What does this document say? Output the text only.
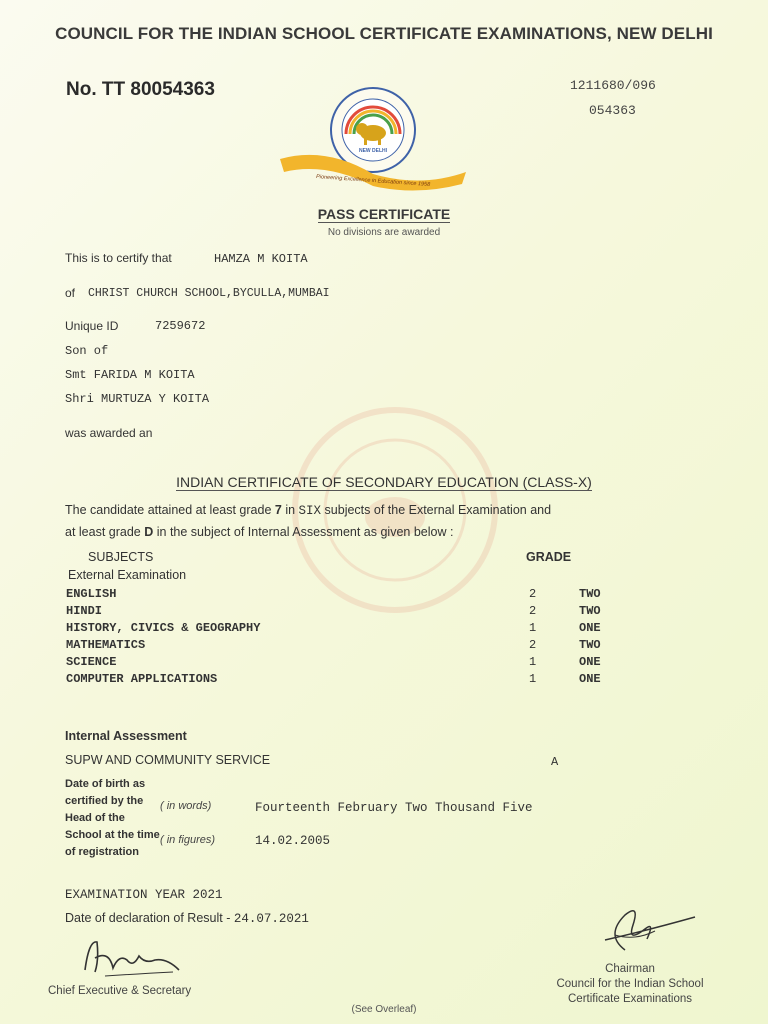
COUNCIL FOR THE INDIAN SCHOOL CERTIFICATE EXAMINATIONS, NEW DELHI
No. TT 80054363	1211680/096
054363
NEW DELHI
Pioneering Excellence in Education since 1958
PASS CERTIFICATE
No divisions are awarded
This is to certify that	HAMZA M KOITA
of CHRIST CHURCH SCHOOL,BYCULLA,MUMBAI
Unique ID	7259672
Son of
Smt FARIDA M KOITA
Shri MURTUZA Y KOITA
was awarded an
INDIAN CERTIFICATE OF SECONDARY EDUCATION (CLASS-X)
The candidate attained at least grade 7 in SIX subjects of the External Examination and
at least grade D in the subject of Internal Assessment as given below :
SUBJECTS	GRADE
External Examination
ENGLISH	2	TWO
HINDI	2	TWO
HISTORY, CIVICS & GEOGRAPHY	1	ONE
MATHEMATICS	2	TWO
SCIENCE	1	ONE
COMPUTER APPLICATIONS	1	ONE
Internal Assessment
SUPW AND COMMUNITY SERVICE	A
Date of birth as certified by the Head of the School at the time of registration
( in words)	Fourteenth February Two Thousand Five
( in figures)	14.02.2005
EXAMINATION YEAR 2021
Date of declaration of Result - 24.07.2021
Chief Executive & Secretary
Chairman
Council for the Indian School
Certificate Examinations
(See Overleaf)
